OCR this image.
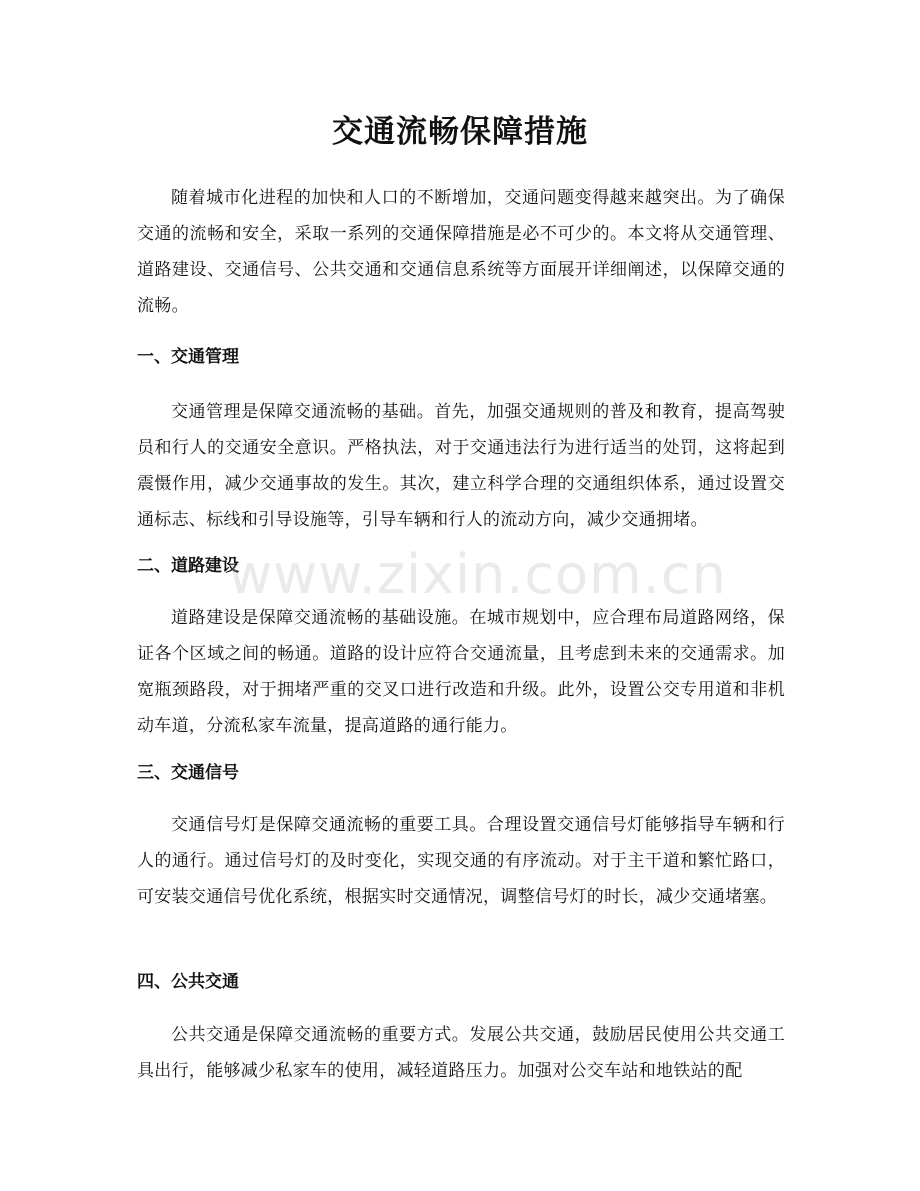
交通流畅保障措施

随着城市化进程的加快和人口的不断增加，交通问题变得越来越突出。为了确保交通的流畅和安全，采取一系列的交通保障措施是必不可少的。本文将从交通管理、道路建设、交通信号、公共交通和交通信息系统等方面展开详细阐述，以保障交通的流畅。

一、交通管理

交通管理是保障交通流畅的基础。首先，加强交通规则的普及和教育，提高驾驶员和行人的交通安全意识。严格执法，对于交通违法行为进行适当的处罚，这将起到震慑作用，减少交通事故的发生。其次，建立科学合理的交通组织体系，通过设置交通标志、标线和引导设施等，引导车辆和行人的流动方向，减少交通拥堵。

二、道路建设

道路建设是保障交通流畅的基础设施。在城市规划中，应合理布局道路网络，保证各个区域之间的畅通。道路的设计应符合交通流量，且考虑到未来的交通需求。加宽瓶颈路段，对于拥堵严重的交叉口进行改造和升级。此外，设置公交专用道和非机动车道，分流私家车流量，提高道路的通行能力。

三、交通信号

交通信号灯是保障交通流畅的重要工具。合理设置交通信号灯能够指导车辆和行人的通行。通过信号灯的及时变化，实现交通的有序流动。对于主干道和繁忙路口，可安装交通信号优化系统，根据实时交通情况，调整信号灯的时长，减少交通堵塞。

四、公共交通

公共交通是保障交通流畅的重要方式。发展公共交通，鼓励居民使用公共交通工具出行，能够减少私家车的使用，减轻道路压力。加强对公交车站和地铁站的配

www.zixin.com.cn
